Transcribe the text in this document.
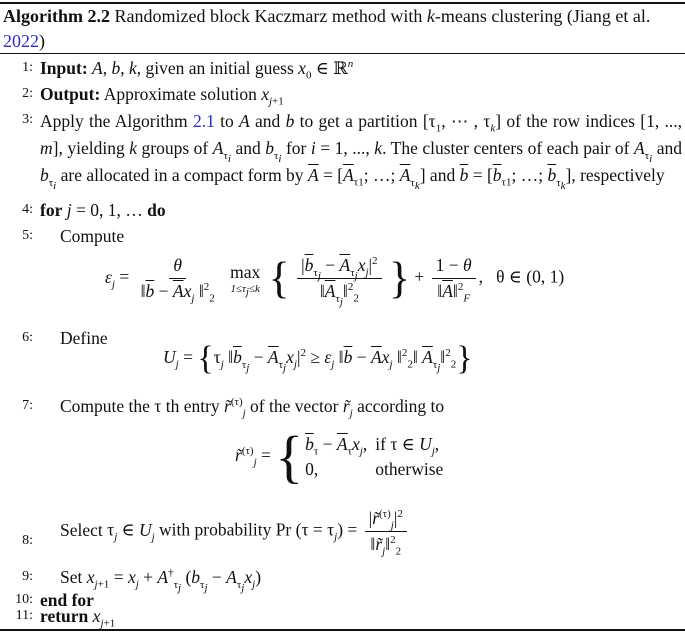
Algorithm 2.2 Randomized block Kaczmarz method with k-means clustering (Jiang et al.
2022)
1: Input: A, b, k, given an initial guess $x_0$ ∈ ℝ$^n$
2: Output: Approximate solution $x_{j+1}$
3: Apply the Algorithm 2.1 to A and b to get a partition [$\tau_1$, ⋯ , $\tau_k$] of the row indices [1, ..., m], yielding k groups of $A_{\tau_i}$ and $b_{\tau_i}$ for i = 1, ..., k. The cluster centers of each pair of $A_{\tau_i}$ and $b_{\tau_i}$ are allocated in a compact form by $\overline{A} = [\overline{A}_{\tau 1}$; …; $\overline{A}_{\tau_k}$] and $\overline{b} = [\overline{b}_{\tau 1}$; …; $\overline{b}_{\tau_k}$], respectively
4: for j = 0, 1, … do
5: Compute
$\varepsilon_j = \frac{\theta}{‖\overline{b} - \overline{A}x_j ‖^2_2}$
max
$1\le\tau_j\le k$ { $\frac{|\overline{b}_{\tau_j} - \overline{A}_{\tau_j}x_j|^2}{‖\overline{A}_{\tau_j}‖^2_2}$ } + $\frac{1 - \theta}{‖\overline{A}‖^2_F}$ ,   θ ∈ (0, 1)
6: Define
$U_j = \{\tau_j$ $‖\overline{b}_{\tau_j} - \overline{A}_{\tau_j}x_j|^2 \ge \varepsilon_j$ $‖\overline{b} - \overline{A}x_j$ ‖$^2_2$‖ $\overline{A}_{\tau_j}‖^2_2$}
7: Compute the τ th entry r̃$^{(\tau)}_j$ of the vector $r̃_j$ according to
r̃$^{(\tau)}_j$ = { $\overline{b}_\tau - \overline{A}_\tau x_j$,	if τ ∈ $U_j$,
0,	otherwise
8:
Select $\tau_j$ ∈ $U_j$ with probability Pr $(\tau = \tau_j) = \frac{|r̃^{(\tau)}_j|^2}{‖r̃_j‖^2_2}$
9: Set $x_{j+1} = x_j + A^\dagger_{\tau_j}$ $(b_{\tau_j} - A_{\tau_j}x_j)$
10: end for
11: return $x_{j+1}$
